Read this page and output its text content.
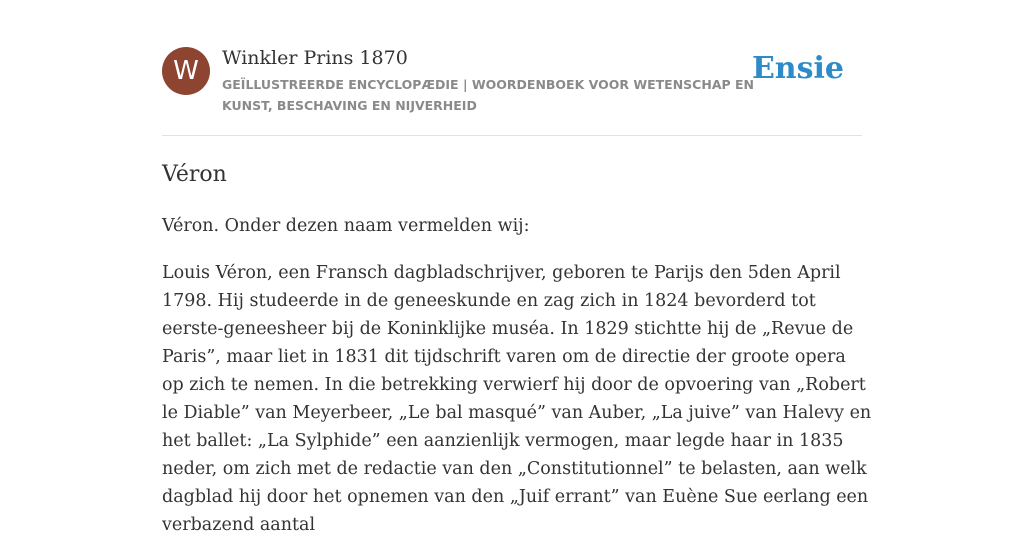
W	Winkler Prins 1870
GEÏLLUSTREERDE ENCYCLOPÆDIE | WOORDENBOEK VOOR WETENSCHAP EN KUNST, BESCHAVING EN NIJVERHEID
Ensie
Véron

Véron. Onder dezen naam vermelden wij:

Louis Véron, een Fransch dagbladschrijver, geboren te Parijs den 5den April 1798. Hij studeerde in de geneeskunde en zag zich in 1824 bevorderd tot eerste-geneesheer bij de Koninklijke muséa. In 1829 stichtte hij de „Revue de Paris”, maar liet in 1831 dit tijdschrift varen om de directie der groote opera op zich te nemen. In die betrekking verwierf hij door de opvoering van „Robert le Diable” van Meyerbeer, „Le bal masqué” van Auber, „La juive” van Halevy en het ballet: „La Sylphide” een aanzienlijk vermogen, maar legde haar in 1835 neder, om zich met de redactie van den „Constitutionnel” te belasten, aan welk dagblad hij door het opnemen van den „Juif errant” van Euène Sue eerlang een verbazend aantal
